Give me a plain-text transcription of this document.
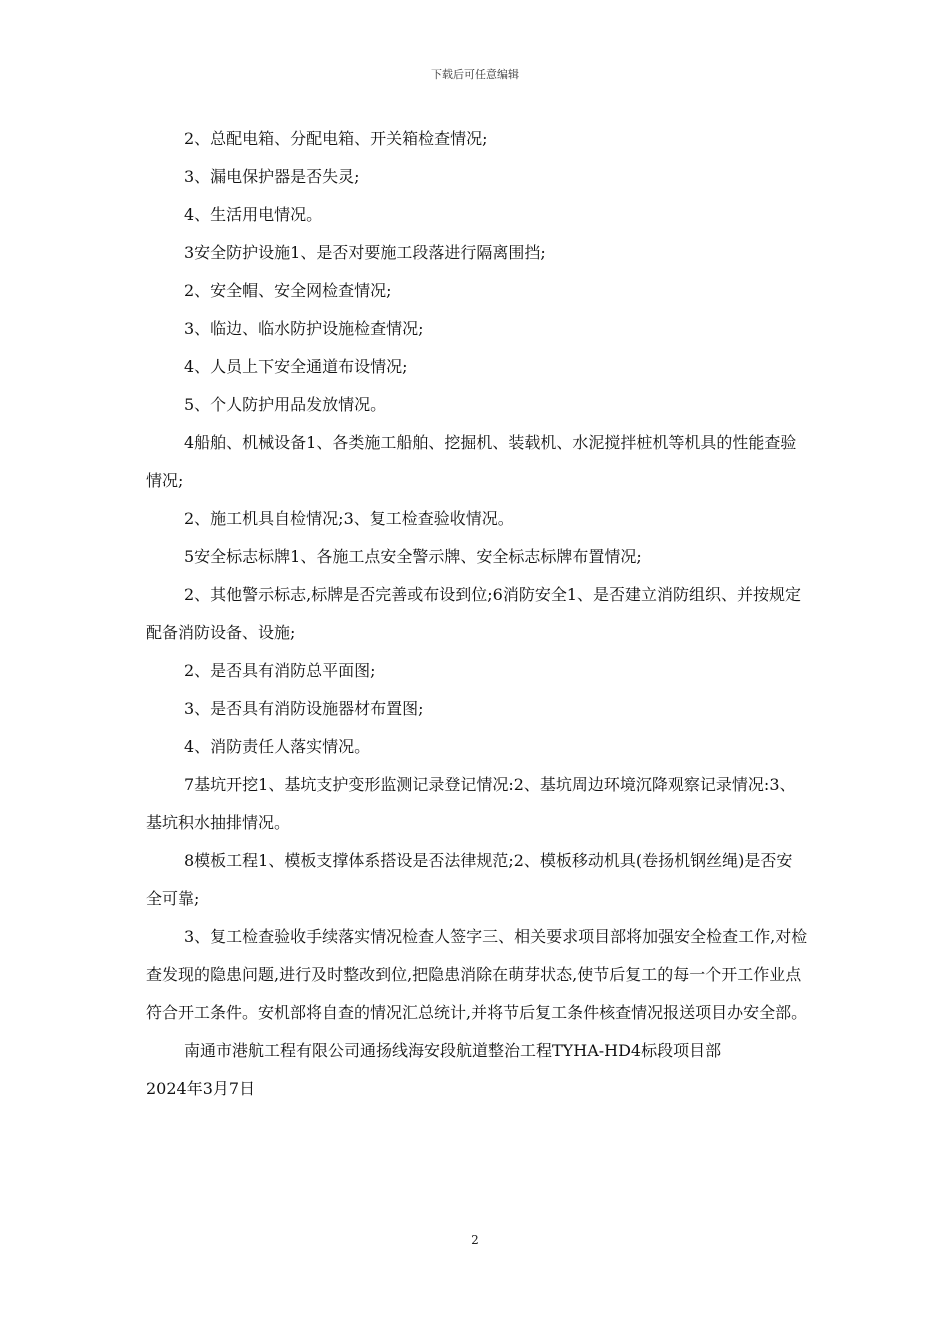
下载后可任意编辑

2、总配电箱、分配电箱、开关箱检查情况;

3、漏电保护器是否失灵;

4、生活用电情况。

3安全防护设施1、是否对要施工段落进行隔离围挡;

2、安全帽、安全网检查情况;

3、临边、临水防护设施检查情况;

4、人员上下安全通道布设情况;

5、个人防护用品发放情况。

4船舶、机械设备1、各类施工船舶、挖掘机、装载机、水泥搅拌桩机等机具的性能查验情况;

2、施工机具自检情况;3、复工检查验收情况。

5安全标志标牌1、各施工点安全警示牌、安全标志标牌布置情况;

2、其他警示标志,标牌是否完善或布设到位;6消防安全1、是否建立消防组织、并按规定配备消防设备、设施;

2、是否具有消防总平面图;

3、是否具有消防设施器材布置图;

4、消防责任人落实情况。

7基坑开挖1、基坑支护变形监测记录登记情况:2、基坑周边环境沉降观察记录情况:3、基坑积水抽排情况。

8模板工程1、模板支撑体系搭设是否法律规范;2、模板移动机具(卷扬机钢丝绳)是否安全可靠;

3、复工检查验收手续落实情况检查人签字三、相关要求项目部将加强安全检查工作,对检查发现的隐患问题,进行及时整改到位,把隐患消除在萌芽状态,使节后复工的每一个开工作业点符合开工条件。安机部将自查的情况汇总统计,并将节后复工条件核查情况报送项目办安全部。

南通市港航工程有限公司通扬线海安段航道整治工程TYHA-HD4标段项目部

2024年3月7日

2
